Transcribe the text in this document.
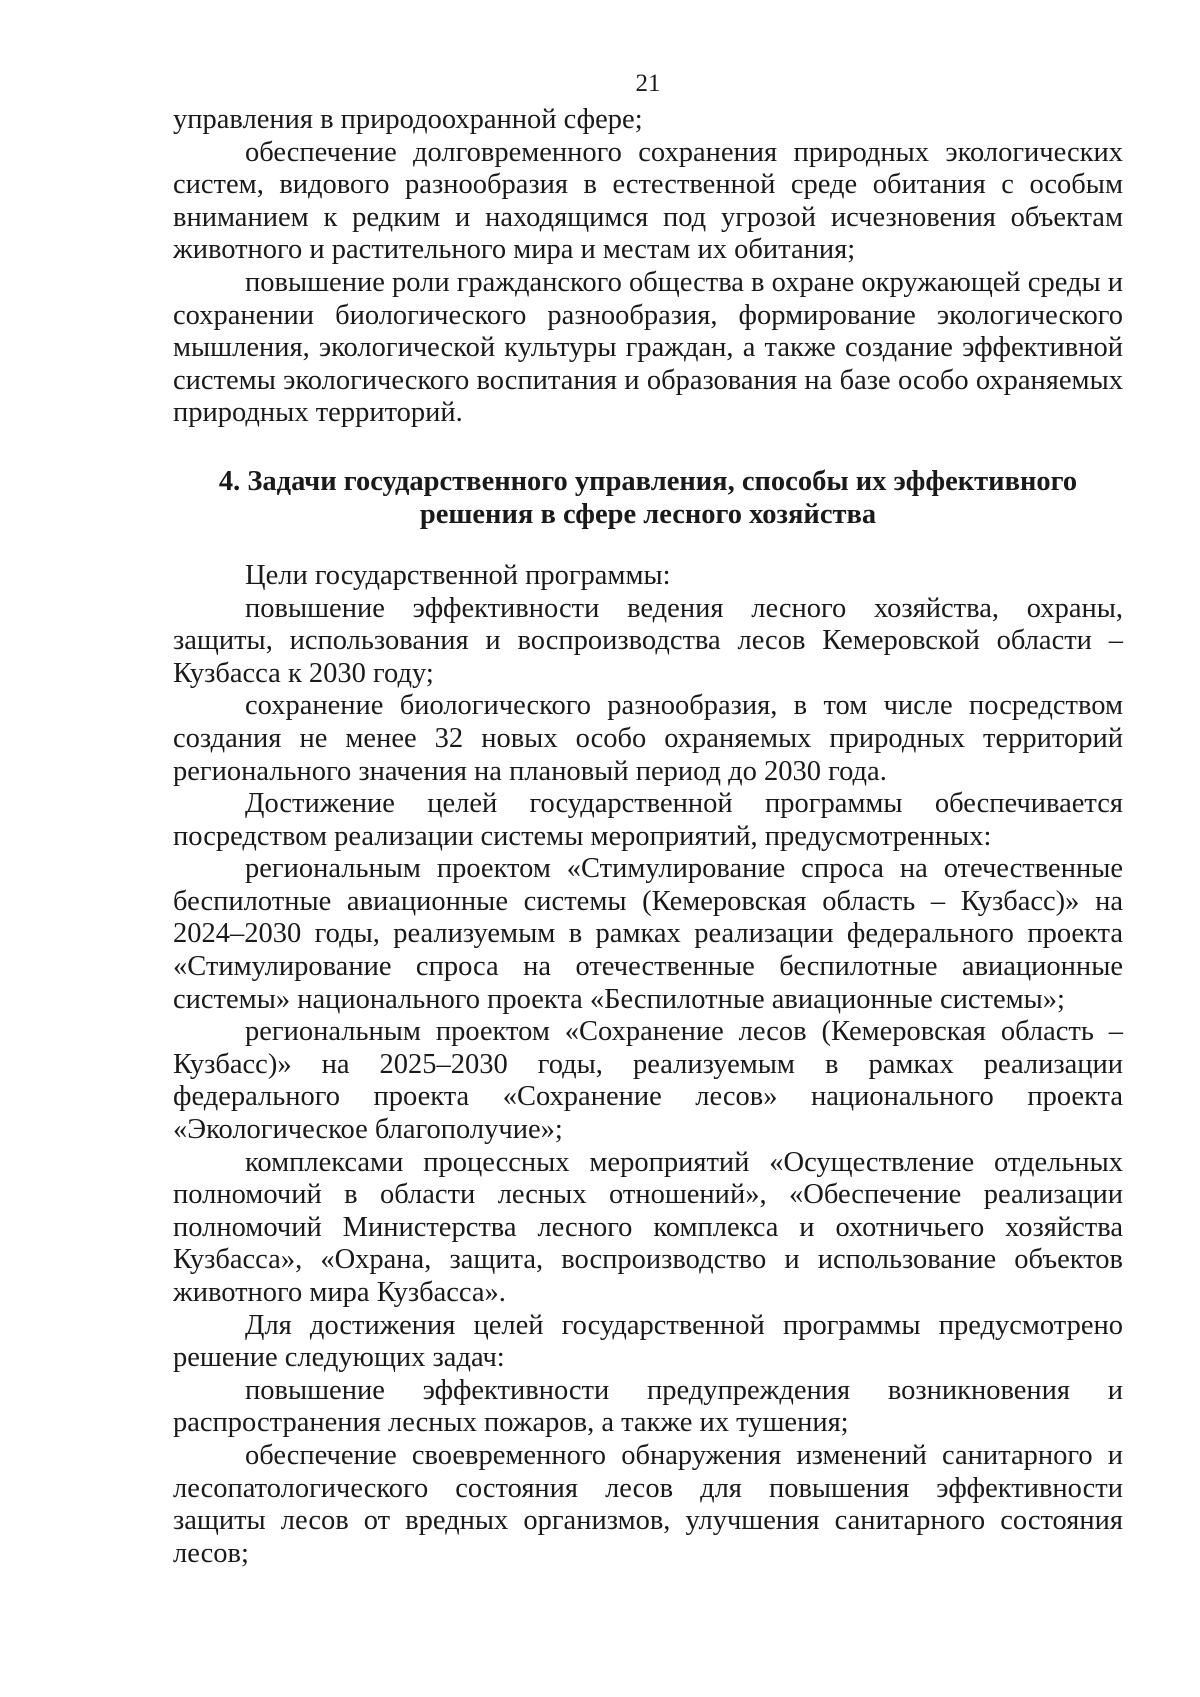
21

управления в природоохранной сфере;

обеспечение долговременного сохранения природных экологических систем, видового разнообразия в естественной среде обитания с особым вниманием к редким и находящимся под угрозой исчезновения объектам животного и растительного мира и местам их обитания;

повышение роли гражданского общества в охране окружающей среды и сохранении биологического разнообразия, формирование экологического мышления, экологической культуры граждан, а также создание эффективной системы экологического воспитания и образования на базе особо охраняемых природных территорий.

4. Задачи государственного управления, способы их эффективного
решения в сфере лесного хозяйства

Цели государственной программы:

повышение эффективности ведения лесного хозяйства, охраны, защиты, использования и воспроизводства лесов Кемеровской области – Кузбасса к 2030 году;

сохранение биологического разнообразия, в том числе посредством создания не менее 32 новых особо охраняемых природных территорий регионального значения на плановый период до 2030 года.

Достижение целей государственной программы обеспечивается посредством реализации системы мероприятий, предусмотренных:

региональным проектом «Стимулирование спроса на отечественные беспилотные авиационные системы (Кемеровская область – Кузбасс)» на 2024–2030 годы, реализуемым в рамках реализации федерального проекта «Стимулирование спроса на отечественные беспилотные авиационные системы» национального проекта «Беспилотные авиационные системы»;

региональным проектом «Сохранение лесов (Кемеровская область – Кузбасс)» на 2025–2030 годы, реализуемым в рамках реализации федерального проекта «Сохранение лесов» национального проекта «Экологическое благополучие»;

комплексами процессных мероприятий «Осуществление отдельных полномочий в области лесных отношений», «Обеспечение реализации полномочий Министерства лесного комплекса и охотничьего хозяйства Кузбасса», «Охрана, защита, воспроизводство и использование объектов животного мира Кузбасса».

Для достижения целей государственной программы предусмотрено решение следующих задач:

повышение эффективности предупреждения возникновения и распространения лесных пожаров, а также их тушения;

обеспечение своевременного обнаружения изменений санитарного и лесопатологического состояния лесов для повышения эффективности защиты лесов от вредных организмов, улучшения санитарного состояния лесов;
